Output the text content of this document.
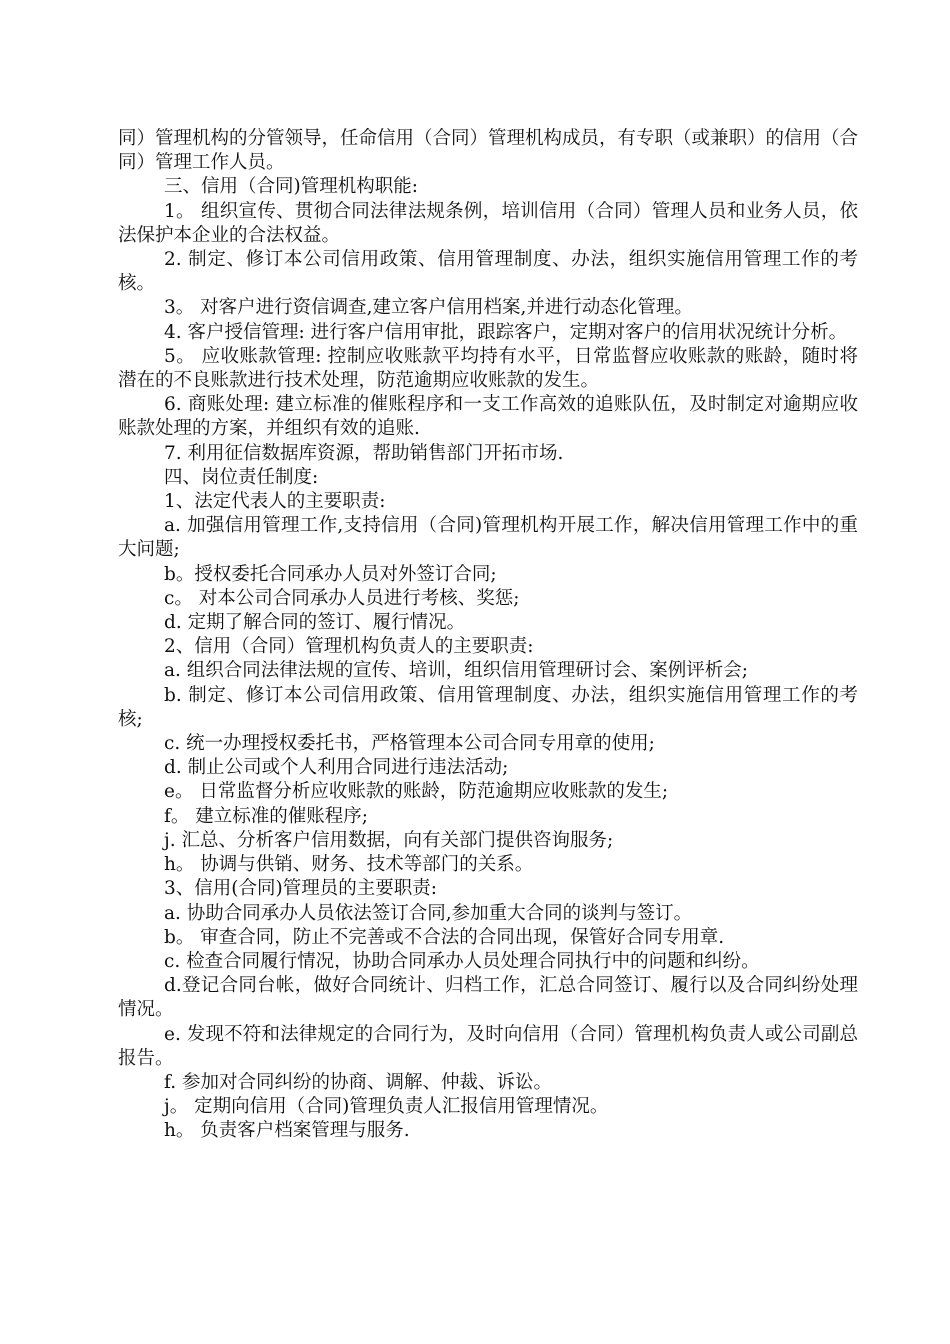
同）管理机构的分管领导，任命信用（合同）管理机构成员，有专职（或兼职）的信用（合同）管理工作人员。

三、信用（合同)管理机构职能:

1。 组织宣传、贯彻合同法律法规条例，培训信用（合同）管理人员和业务人员，依法保护本企业的合法权益。

2. 制定、修订本公司信用政策、信用管理制度、办法，组织实施信用管理工作的考核。

3。 对客户进行资信调查,建立客户信用档案,并进行动态化管理。

4. 客户授信管理: 进行客户信用审批，跟踪客户，定期对客户的信用状况统计分析。

5。 应收账款管理: 控制应收账款平均持有水平，日常监督应收账款的账龄，随时将潜在的不良账款进行技术处理，防范逾期应收账款的发生。

6. 商账处理: 建立标准的催账程序和一支工作高效的追账队伍，及时制定对逾期应收账款处理的方案，并组织有效的追账.

7. 利用征信数据库资源，帮助销售部门开拓市场.

四、岗位责任制度:

1、法定代表人的主要职责:

a. 加强信用管理工作,支持信用（合同)管理机构开展工作，解决信用管理工作中的重大问题;

b。授权委托合同承办人员对外签订合同;

c。 对本公司合同承办人员进行考核、奖惩;

d. 定期了解合同的签订、履行情况。

2、信用（合同）管理机构负责人的主要职责:

a. 组织合同法律法规的宣传、培训，组织信用管理研讨会、案例评析会;

b. 制定、修订本公司信用政策、信用管理制度、办法，组织实施信用管理工作的考核;

c. 统一办理授权委托书，严格管理本公司合同专用章的使用;

d. 制止公司或个人利用合同进行违法活动;

e。 日常监督分析应收账款的账龄，防范逾期应收账款的发生;

f。 建立标准的催账程序;

j. 汇总、分析客户信用数据，向有关部门提供咨询服务;

h。 协调与供销、财务、技术等部门的关系。

3、信用(合同)管理员的主要职责:

a. 协助合同承办人员依法签订合同,参加重大合同的谈判与签订。

b。 审查合同，防止不完善或不合法的合同出现，保管好合同专用章.

c. 检查合同履行情况，协助合同承办人员处理合同执行中的问题和纠纷。

d.登记合同台帐，做好合同统计、归档工作，汇总合同签订、履行以及合同纠纷处理情况。

e. 发现不符和法律规定的合同行为，及时向信用（合同）管理机构负责人或公司副总报告。

f. 参加对合同纠纷的协商、调解、仲裁、诉讼。

j。 定期向信用（合同)管理负责人汇报信用管理情况。

h。 负责客户档案管理与服务.
